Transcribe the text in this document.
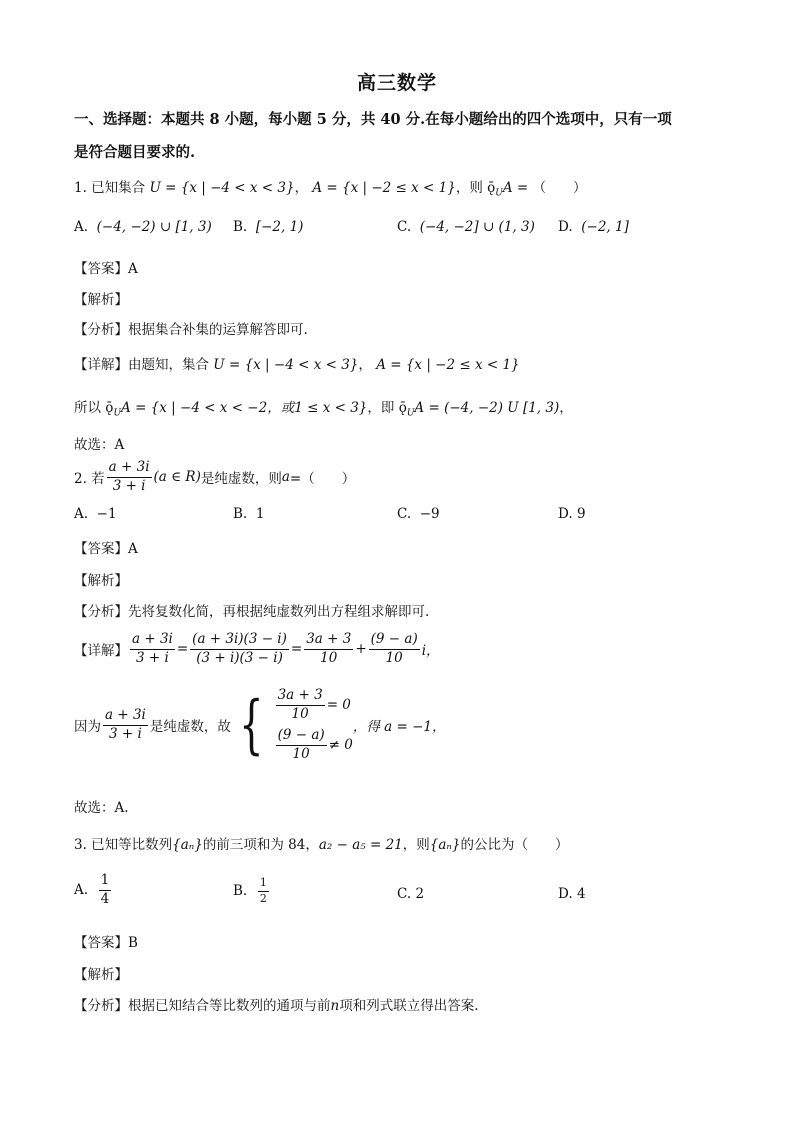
高三数学
一、选择题：本题共 8 小题，每小题 5 分，共 40 分.在每小题给出的四个选项中，只有一项
是符合题目要求的.
1. 已知集合 U = {x | −4 < x < 3}， A = {x | −2 ≤ x < 1}，则 $ǭ_UA$ = （　　）
A. (−4, −2) ∪ [1, 3) B. [−2, 1)	C. (−4, −2] ∪ (1, 3) D. (−2, 1]
【答案】A
【解析】
【分析】根据集合补集的运算解答即可.
【详解】由题知，集合 U = {x | −4 < x < 3}， A = {x | −2 ≤ x < 1}
所以 $ǭ_UA = \{x$ | −4 < x < −2，或1 ≤ x < 3}，即 $ǭ_UA = (-4$, −2) U [1, 3)，
故选：A
2. 若 $\frac{a + 3i}{3 + i} (a$ ∈ R)是纯虚数，则a=（　　）
A. −1	B. 1	C. −9	D. 9
【答案】A
【解析】
【分析】先将复数化简，再根据纯虚数列出方程组求解即可.
【详解】 $\frac{a + 3i}{3 + i} = \frac{(a + 3i)(3 - i)}{(3 + i)(3 - i)} = \frac{3a + 3}{10} + \frac{(9 - a)}{10}$ i，
因为 $\frac{a + 3i}{3 + i}$ 是纯虚数，故 { $\frac{3a + 3}{10} = 0$
$\frac{(9 - a)}{10} \ne 0$
，得 a = −1，
故选：A.
3. 已知等比数列{aₙ}的前三项和为 84，a₂ − a₅ = 21，则{aₙ}的公比为（　　）
A. $\frac{1}{4}$	B. $\frac{1}{2}$	C. 2	D. 4
【答案】B
【解析】
【分析】根据已知结合等比数列的通项与前n项和列式联立得出答案.
